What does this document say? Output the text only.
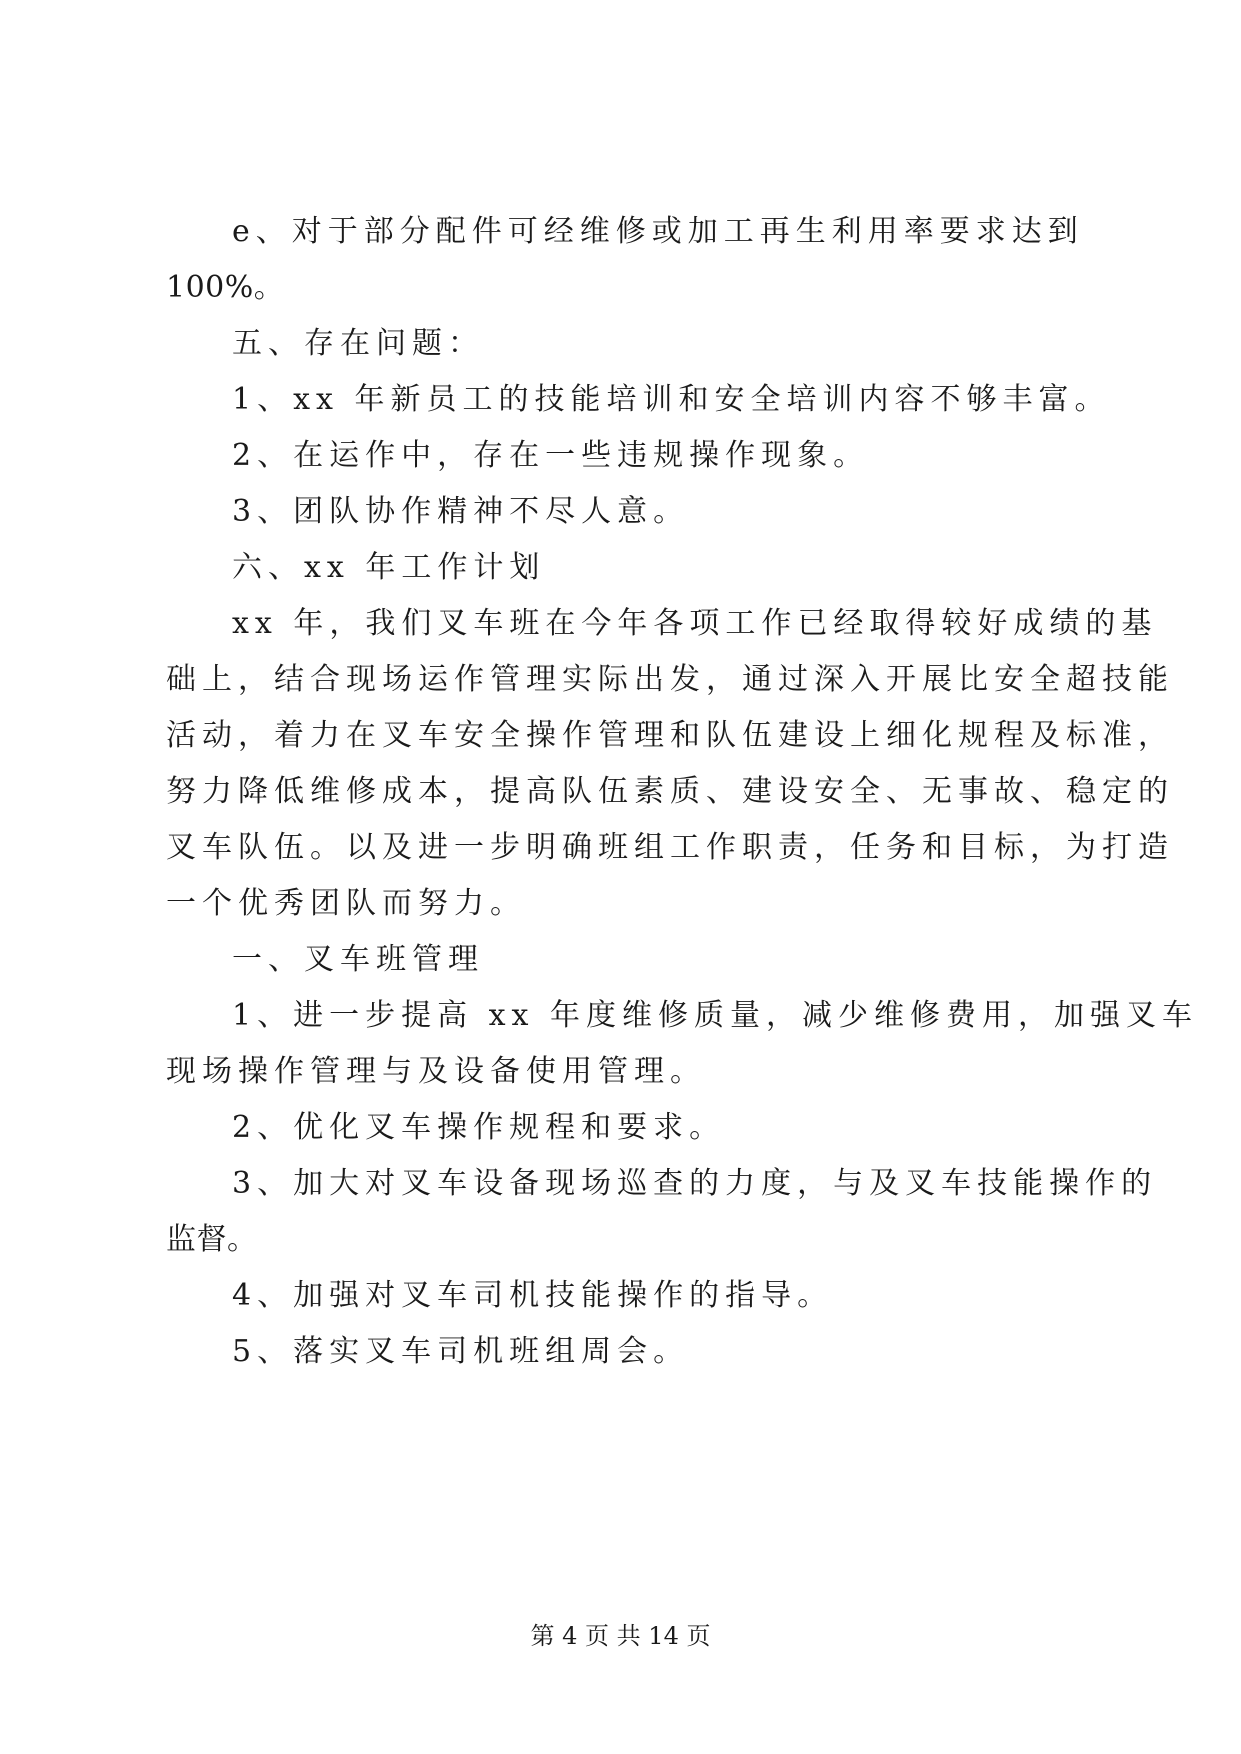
e、对于部分配件可经维修或加工再生利用率要求达到
100%。
五、存在问题：
1、xx 年新员工的技能培训和安全培训内容不够丰富。
2、在运作中，存在一些违规操作现象。
3、团队协作精神不尽人意。
六、xx 年工作计划
xx 年，我们叉车班在今年各项工作已经取得较好成绩的基
础上，结合现场运作管理实际出发，通过深入开展比安全超技能
活动，着力在叉车安全操作管理和队伍建设上细化规程及标准，
努力降低维修成本，提高队伍素质、建设安全、无事故、稳定的
叉车队伍。以及进一步明确班组工作职责，任务和目标，为打造
一个优秀团队而努力。
一、叉车班管理
1、进一步提高 xx 年度维修质量，减少维修费用，加强叉车
现场操作管理与及设备使用管理。
2、优化叉车操作规程和要求。
3、加大对叉车设备现场巡查的力度，与及叉车技能操作的
监督。
4、加强对叉车司机技能操作的指导。
5、落实叉车司机班组周会。
第 4 页 共 14 页
